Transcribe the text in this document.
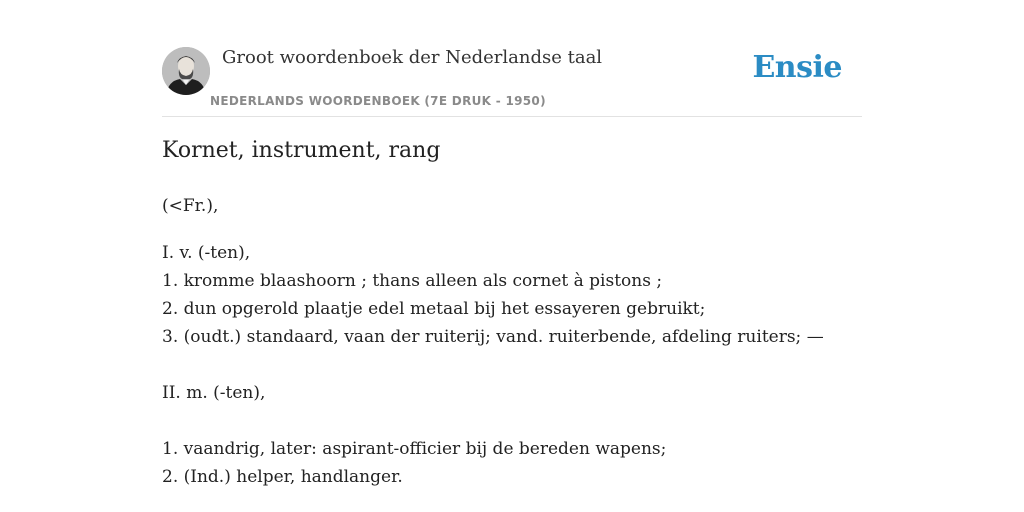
Groot woordenboek der Nederlandse taal
NEDERLANDS WOORDENBOEK (7E DRUK - 1950)
Ensie
Kornet, instrument, rang
(<Fr.),
I. v. (-ten),
1. kromme blaashoorn ; thans alleen als cornet à pistons ;
2. dun opgerold plaatje edel metaal bij het essayeren gebruikt;
3. (oudt.) standaard, vaan der ruiterij; vand. ruiterbende, afdeling ruiters; —
II. m. (-ten),
1. vaandrig, later: aspirant-officier bij de bereden wapens;
2. (Ind.) helper, handlanger.
